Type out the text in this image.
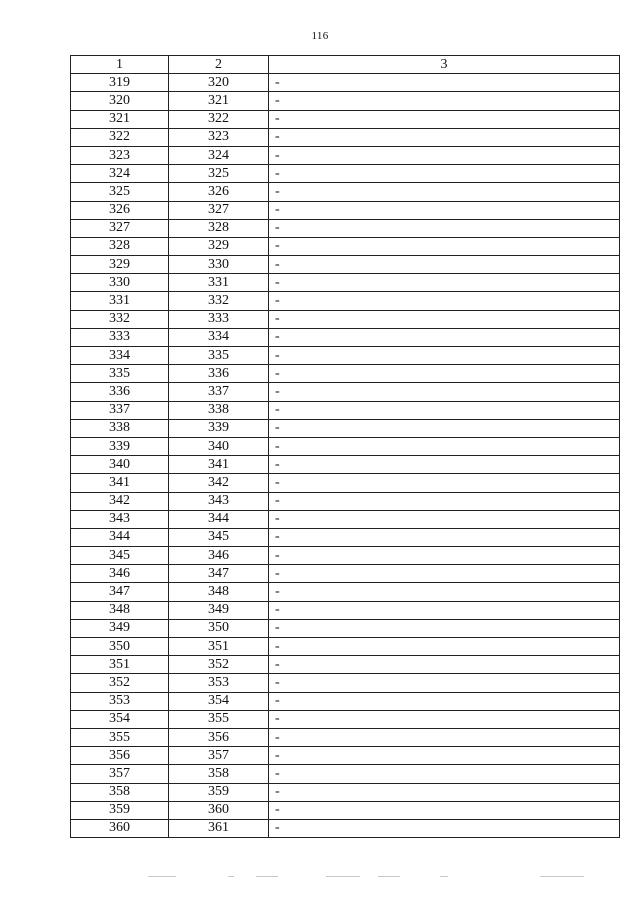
116
1	2	3
319	320	-
320	321	-
321	322	-
322	323	-
323	324	-
324	325	-
325	326	-
326	327	-
327	328	-
328	329	-
329	330	-
330	331	-
331	332	-
332	333	-
333	334	-
334	335	-
335	336	-
336	337	-
337	338	-
338	339	-
339	340	-
340	341	-
341	342	-
342	343	-
343	344	-
344	345	-
345	346	-
346	347	-
347	348	-
348	349	-
349	350	-
350	351	-
351	352	-
352	353	-
353	354	-
354	355	-
355	356	-
356	357	-
357	358	-
358	359	-
359	360	-
360	361	-
